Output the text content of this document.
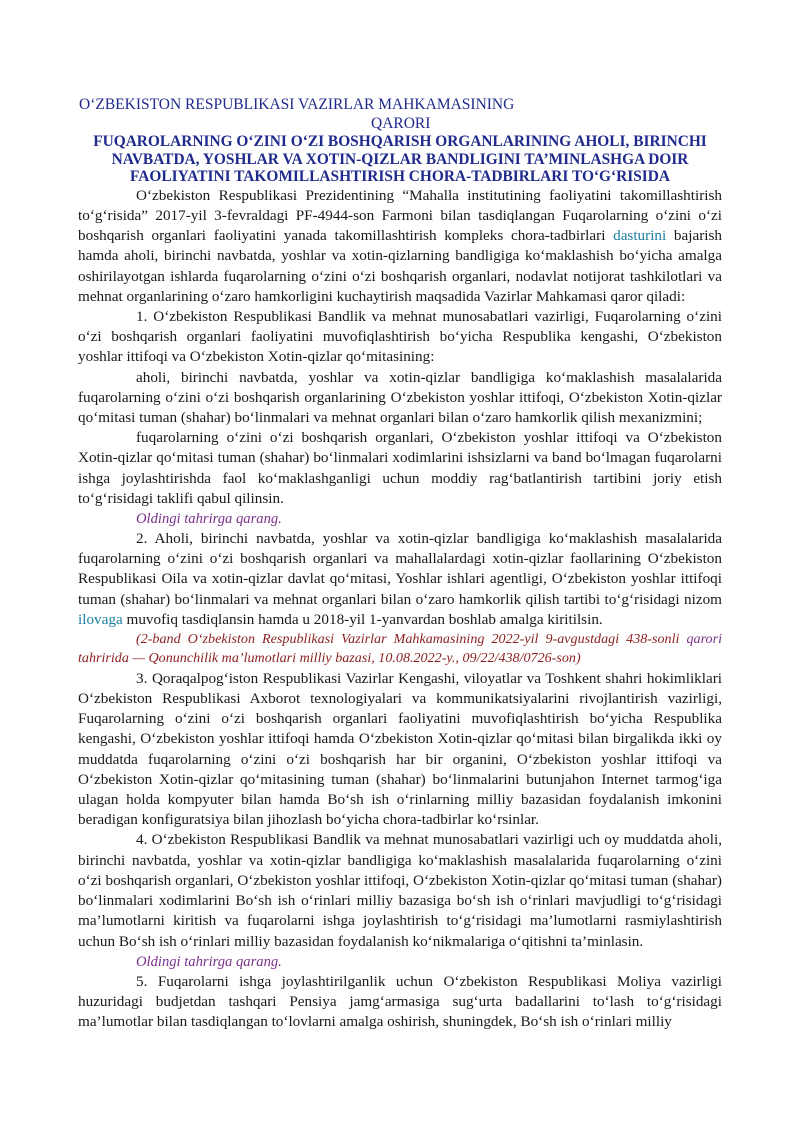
O‘ZBEKISTON RESPUBLIKASI VAZIRLAR MAHKAMASINING
QARORI
FUQAROLARNING O‘ZINI O‘ZI BOSHQARISH ORGANLARINING AHOLI, BIRINCHI NAVBATDA, YOSHLAR VA XOTIN-QIZLAR BANDLIGINI TA’MINLASHGA DOIR FAOLIYATINI TAKOMILLASHTIRISH CHORA-TADBIRLARI TO‘G‘RISIDA

O‘zbekiston Respublikasi Prezidentining “Mahalla institutining faoliyatini takomillashtirish to‘g‘risida” 2017-yil 3-fevraldagi PF-4944-son Farmoni bilan tasdiqlangan Fuqarolarning o‘zini o‘zi boshqarish organlari faoliyatini yanada takomillashtirish kompleks chora-tadbirlari dasturini bajarish hamda aholi, birinchi navbatda, yoshlar va xotin-qizlarning bandligiga ko‘maklashish bo‘yicha amalga oshirilayotgan ishlarda fuqarolarning o‘zini o‘zi boshqarish organlari, nodavlat notijorat tashkilotlari va mehnat organlarining o‘zaro hamkorligini kuchaytirish maqsadida Vazirlar Mahkamasi qaror qiladi:

1. O‘zbekiston Respublikasi Bandlik va mehnat munosabatlari vazirligi, Fuqarolarning o‘zini o‘zi boshqarish organlari faoliyatini muvofiqlashtirish bo‘yicha Respublika kengashi, O‘zbekiston yoshlar ittifoqi va O‘zbekiston Xotin-qizlar qo‘mitasining:

aholi, birinchi navbatda, yoshlar va xotin-qizlar bandligiga ko‘maklashish masalalarida fuqarolarning o‘zini o‘zi boshqarish organlarining O‘zbekiston yoshlar ittifoqi, O‘zbekiston Xotin-qizlar qo‘mitasi tuman (shahar) bo‘linmalari va mehnat organlari bilan o‘zaro hamkorlik qilish mexanizmini;

fuqarolarning o‘zini o‘zi boshqarish organlari, O‘zbekiston yoshlar ittifoqi va O‘zbekiston Xotin-qizlar qo‘mitasi tuman (shahar) bo‘linmalari xodimlarini ishsizlarni va band bo‘lmagan fuqarolarni ishga joylashtirishda faol ko‘maklashganligi uchun moddiy rag‘batlantirish tartibini joriy etish to‘g‘risidagi taklifi qabul qilinsin.

Oldingi tahrirga qarang.

2. Aholi, birinchi navbatda, yoshlar va xotin-qizlar bandligiga ko‘maklashish masalalarida fuqarolarning o‘zini o‘zi boshqarish organlari va mahallalardagi xotin-qizlar faollarining O‘zbekiston Respublikasi Oila va xotin-qizlar davlat qo‘mitasi, Yoshlar ishlari agentligi, O‘zbekiston yoshlar ittifoqi tuman (shahar) bo‘linmalari va mehnat organlari bilan o‘zaro hamkorlik qilish tartibi to‘g‘risidagi nizom ilovaga muvofiq tasdiqlansin hamda u 2018-yil 1-yanvardan boshlab amalga kiritilsin.

(2-band O‘zbekiston Respublikasi Vazirlar Mahkamasining 2022-yil 9-avgustdagi 438-sonli qarori tahririda — Qonunchilik ma’lumotlari milliy bazasi, 10.08.2022-y., 09/22/438/0726-son)

3. Qoraqalpog‘iston Respublikasi Vazirlar Kengashi, viloyatlar va Toshkent shahri hokimliklari O‘zbekiston Respublikasi Axborot texnologiyalari va kommunikatsiyalarini rivojlantirish vazirligi, Fuqarolarning o‘zini o‘zi boshqarish organlari faoliyatini muvofiqlashtirish bo‘yicha Respublika kengashi, O‘zbekiston yoshlar ittifoqi hamda O‘zbekiston Xotin-qizlar qo‘mitasi bilan birgalikda ikki oy muddatda fuqarolarning o‘zini o‘zi boshqarish har bir organini, O‘zbekiston yoshlar ittifoqi va O‘zbekiston Xotin-qizlar qo‘mitasining tuman (shahar) bo‘linmalarini butunjahon Internet tarmog‘iga ulagan holda kompyuter bilan hamda Bo‘sh ish o‘rinlarning milliy bazasidan foydalanish imkonini beradigan konfiguratsiya bilan jihozlash bo‘yicha chora-tadbirlar ko‘rsinlar.

4. O‘zbekiston Respublikasi Bandlik va mehnat munosabatlari vazirligi uch oy muddatda aholi, birinchi navbatda, yoshlar va xotin-qizlar bandligiga ko‘maklashish masalalarida fuqarolarning o‘zini o‘zi boshqarish organlari, O‘zbekiston yoshlar ittifoqi, O‘zbekiston Xotin-qizlar qo‘mitasi tuman (shahar) bo‘linmalari xodimlarini Bo‘sh ish o‘rinlari milliy bazasiga bo‘sh ish o‘rinlari mavjudligi to‘g‘risidagi ma’lumotlarni kiritish va fuqarolarni ishga joylashtirish to‘g‘risidagi ma’lumotlarni rasmiylashtirish uchun Bo‘sh ish o‘rinlari milliy bazasidan foydalanish ko‘nikmalariga o‘qitishni ta’minlasin.

Oldingi tahrirga qarang.

5. Fuqarolarni ishga joylashtirilganlik uchun O‘zbekiston Respublikasi Moliya vazirligi huzuridagi budjetdan tashqari Pensiya jamg‘armasiga sug‘urta badallarini to‘lash to‘g‘risidagi ma’lumotlar bilan tasdiqlangan to‘lovlarni amalga oshirish, shuningdek, Bo‘sh ish o‘rinlari milliy
